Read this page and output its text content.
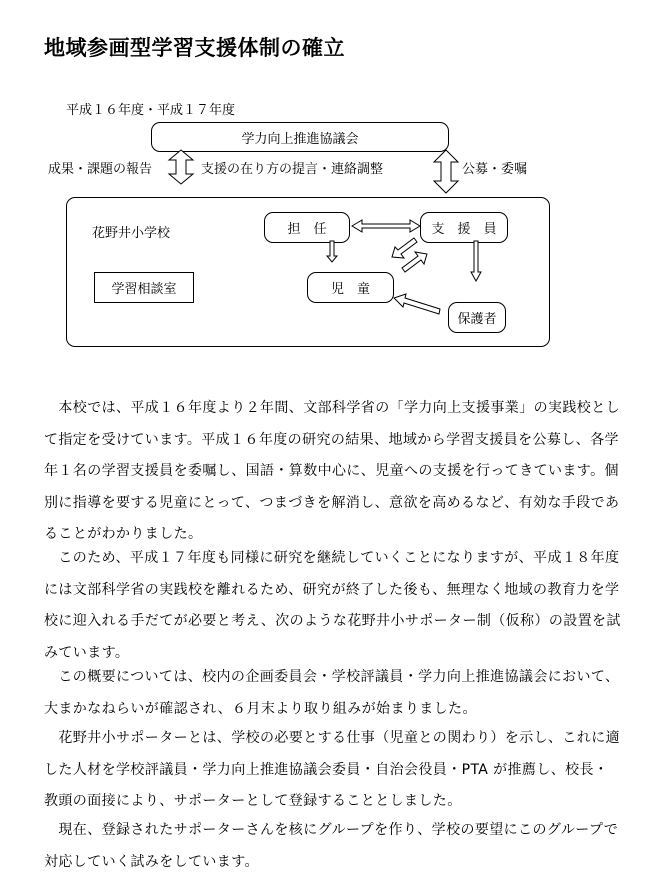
地域参画型学習支援体制の確立
平成１６年度・平成１７年度
学力向上推進協議会
成果・課題の報告	支援の在り方の提言・連絡調整	公募・委嘱
花野井小学校
学習相談室
担　任	支　援　員
児　童
保護者

　本校では、平成１６年度より２年間、文部科学省の「学力向上支援事業」の実践校とし
て指定を受けています。平成１６年度の研究の結果、地域から学習支援員を公募し、各学
年１名の学習支援員を委嘱し、国語・算数中心に、児童への支援を行ってきています。個
別に指導を要する児童にとって、つまづきを解消し、意欲を高めるなど、有効な手段であ
ることがわかりました。

　このため、平成１７年度も同様に研究を継続していくことになりますが、平成１８年度
には文部科学省の実践校を離れるため、研究が終了した後も、無理なく地域の教育力を学
校に迎入れる手だてが必要と考え、次のような花野井小サポーター制（仮称）の設置を試
みています。

　この概要については、校内の企画委員会・学校評議員・学力向上推進協議会において、
大まかなねらいが確認され、６月末より取り組みが始まりました。

　花野井小サポーターとは、学校の必要とする仕事（児童との関わり）を示し、これに適
した人材を学校評議員・学力向上推進協議会委員・自治会役員・PTA が推薦し、校長・
教頭の面接により、サポーターとして登録することとしました。

　現在、登録されたサポーターさんを核にグループを作り、学校の要望にこのグループで
対応していく試みをしています。
